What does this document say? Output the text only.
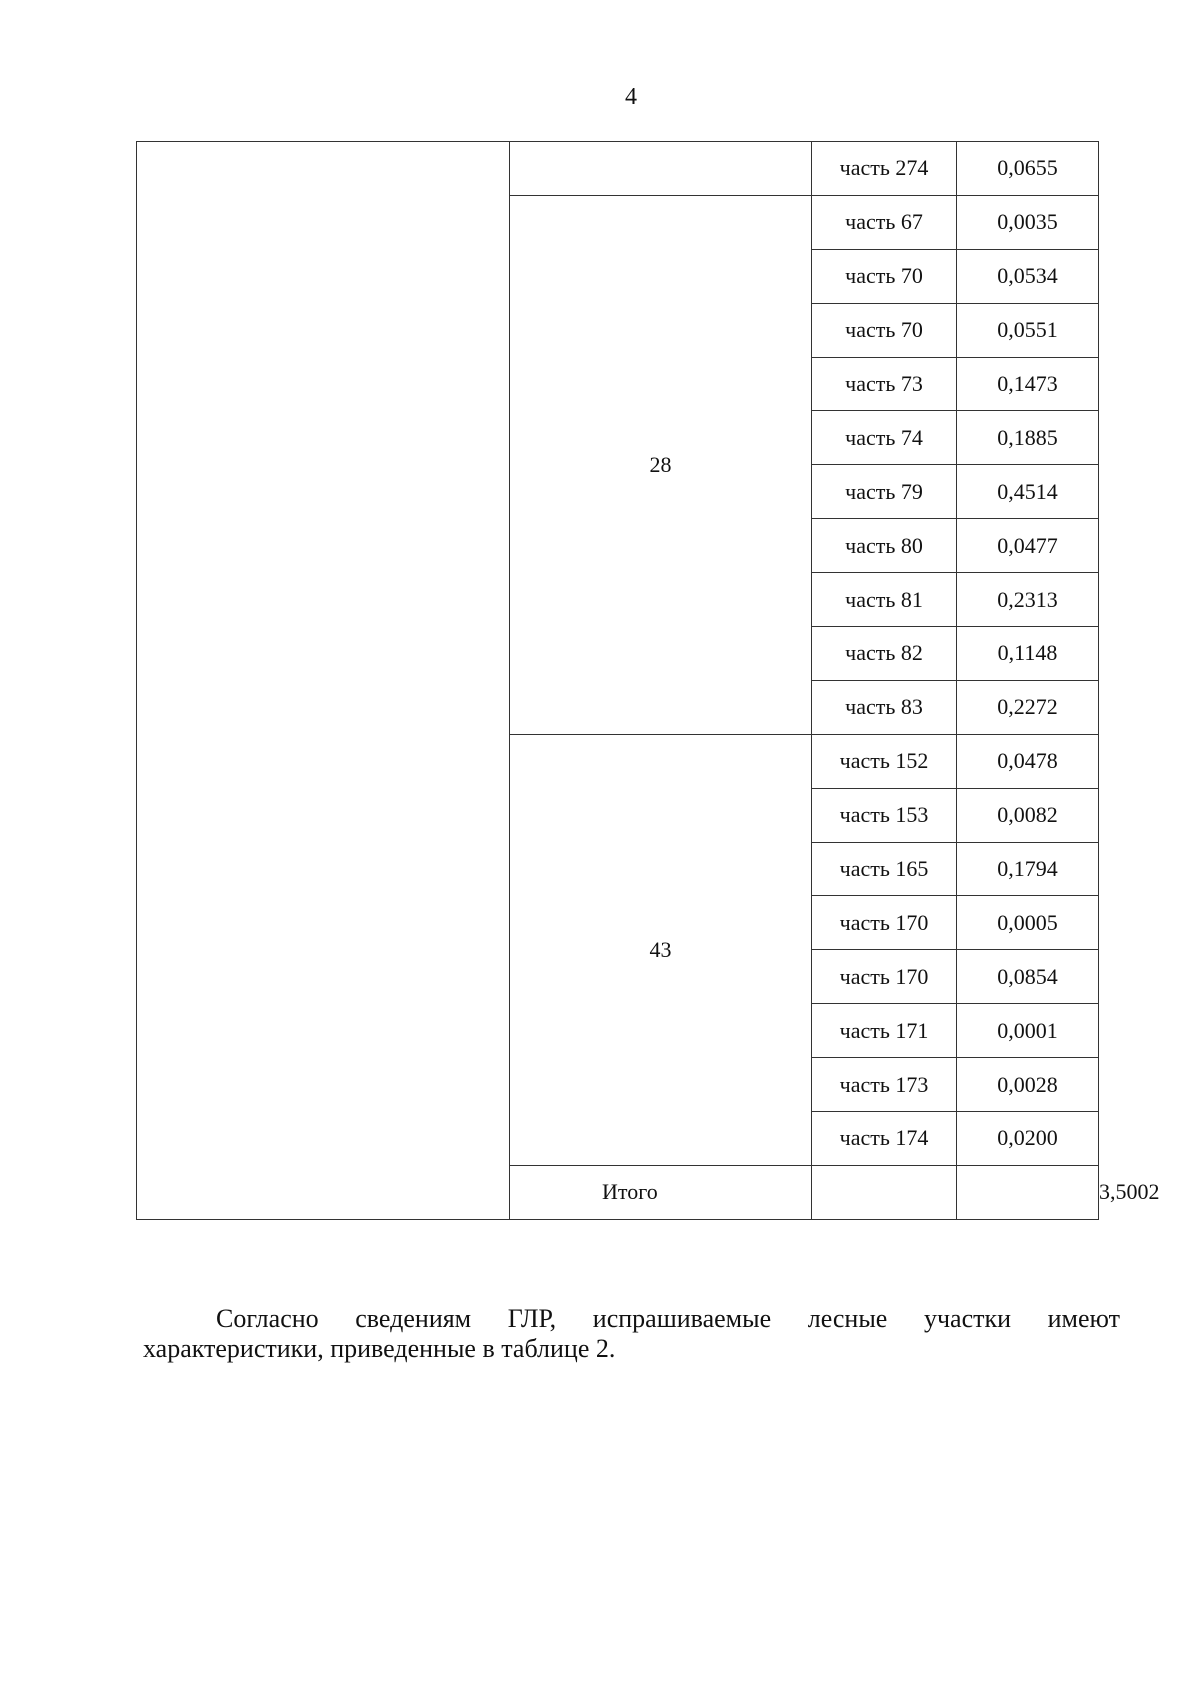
4
		часть 274	0,0655	
	28	часть 67	0,0035	
		часть 70	0,0534	
		часть 70	0,0551	
		часть 73	0,1473	
		часть 74	0,1885	
		часть 79	0,4514	
		часть 80	0,0477	
		часть 81	0,2313	
		часть 82	0,1148	
		часть 83	0,2272	
	43	часть 152	0,0478	
		часть 153	0,0082	
		часть 165	0,1794	
		часть 170	0,0005	
		часть 170	0,0854	
		часть 171	0,0001	
		часть 173	0,0028	
		часть 174	0,0200	
	Итого			3,5002

Согласно сведениям ГЛР, испрашиваемые лесные участки имеют характеристики, приведенные в таблице 2.
